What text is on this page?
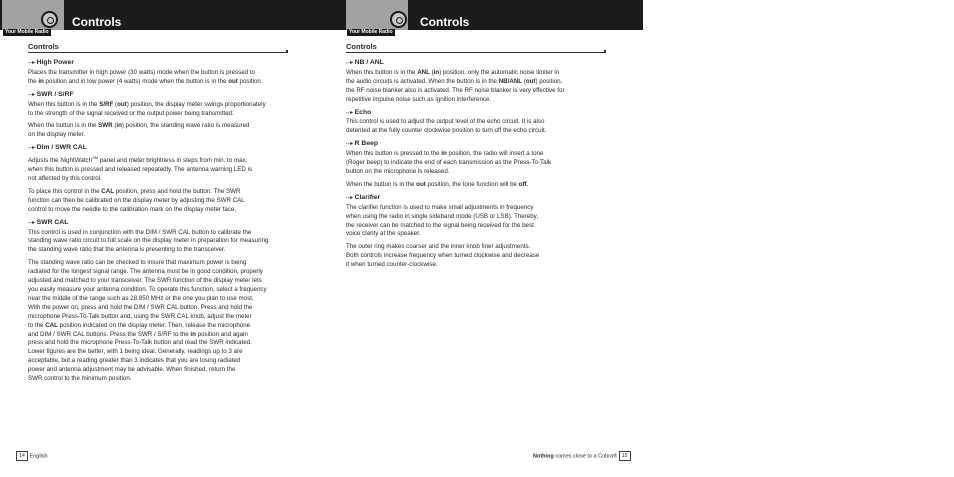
Controls
Your Mobile Radio
Controls
- - ▸ High Power

Places the transmitter in high power (30 watts) mode when the button is pressed to
the in position and in low power (4 watts) mode when the button is in the out position.

- - ▸ SWR / S/RF

When this button is in the S/RF (out) position, the display meter swings proportionately
to the strength of the signal received or the output power being transmitted.

When the button is in the SWR (in) position, the standing wave ratio is measured
on the display meter.

- - ▸ Dim / SWR CAL

Adjusts the NightWatch℠ panel and meter brightness in steps from min. to max.
when this button is pressed and released repeatedly. The antenna warning LED is
not affected by this control.

To place this control in the CAL position, press and hold the button. The SWR
function can then be calibrated on the display meter by adjusting the SWR CAL
control to move the needle to the calibration mark on the display meter face.

- - ▸ SWR CAL

This control is used in conjunction with the DIM / SWR CAL button to calibrate the
standing wave ratio circuit to full scale on the display meter in preparation for measuring
the standing wave ratio that the antenna is presenting to the transceiver.

The standing wave ratio can be checked to insure that maximum power is being
radiated for the longest signal range. The antenna must be in good condition, properly
adjusted and matched to your transceiver. The SWR function of the display meter lets
you easily measure your antenna condition. To operate this function, select a frequency
near the middle of the range such as 28.850 MHz or the one you plan to use most.
With the power on, press and hold the DIM / SWR CAL button. Press and hold the
microphone Press-To-Talk button and, using the SWR CAL knob, adjust the meter
to the CAL position indicated on the display meter. Then, release the microphone
and DIM / SWR CAL buttons. Press the SWR / S/RF to the in position and again
press and hold the microphone Press-To-Talk button and read the SWR indicated.
Lower figures are the better, with 1 being ideal. Generally, readings up to 3 are
acceptable, but a reading greater than 3 indicates that you are losing radiated
power and antenna adjustment may be advisable. When finished, return the
SWR control to the minimum position.

14 English
Controls
Your Mobile Radio
Controls
- - ▸ NB / ANL

When this button is in the ANL (in) position, only the automatic noise limiter in
the audio circuits is activated. When the button is in the NB/ANL (out) position,
the RF noise blanker also is activated. The RF noise blanker is very effective for
repetitive impulse noise such as ignition interference.

- - ▸ Echo

This control is used to adjust the output level of the echo circuit. It is also
detented at the fully counter clockwise position to turn off the echo circuit.

- - ▸ R Beep

When this button is pressed to the in position, the radio will insert a tone
(Roger beep) to indicate the end of each transmission as the Press-To-Talk
button on the microphone is released.

When the button is in the out position, the tone function will be off.

- - ▸ Clarifier

The clarifier function is used to make small adjustments in frequency
when using the radio in single sideband mode (USB or LSB). Thereby,
the receiver can be matched to the signal being received for the best
voice clarity at the speaker.

The outer ring makes coarser and the inner knob finer adjustments.
Both controls increase frequency when turned clockwise and decrease
it when turned counter-clockwise.

Nothing comes close to a Cobra® 15
